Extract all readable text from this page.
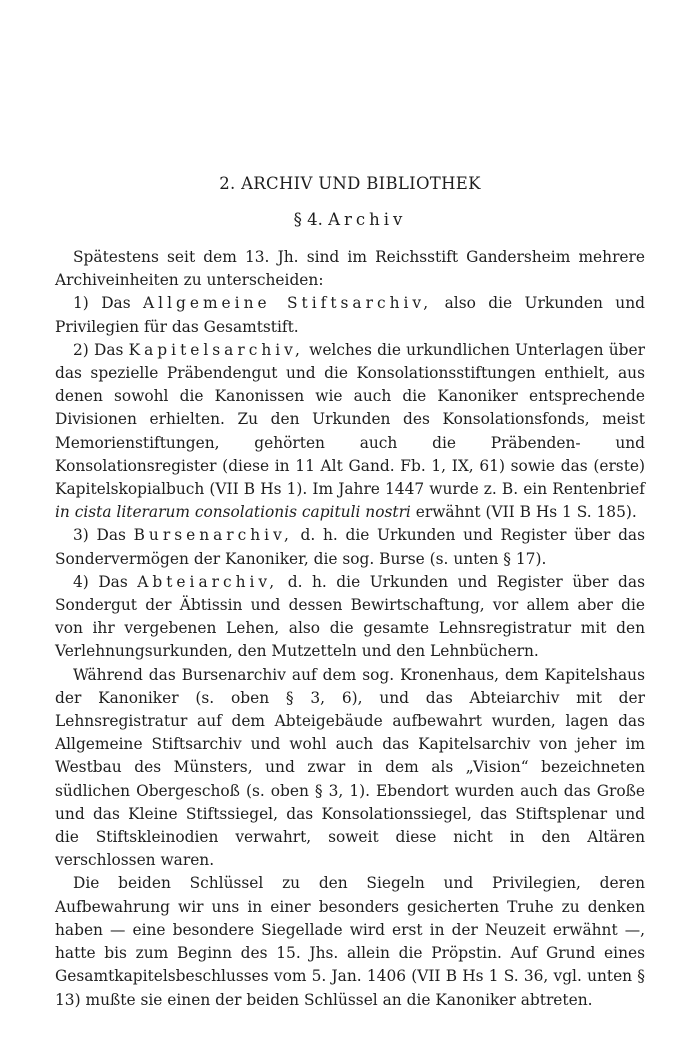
2. ARCHIV UND BIBLIOTHEK
§ 4. Archiv

Spätestens seit dem 13. Jh. sind im Reichsstift Gandersheim mehrere Archiveinheiten zu unterscheiden:

1) Das Allgemeine Stiftsarchiv, also die Urkunden und Privilegien für das Gesamtstift.

2) Das Kapitelsarchiv, welches die urkundlichen Unterlagen über das spezielle Präbendengut und die Konsolationsstiftungen enthielt, aus denen sowohl die Kanonissen wie auch die Kanoniker entsprechende Divisionen erhielten. Zu den Urkunden des Konsolationsfonds, meist Memorienstiftungen, gehörten auch die Präbenden- und Konsolationsregister (diese in 11 Alt Gand. Fb. 1, IX, 61) sowie das (erste) Kapitelskopialbuch (VII B Hs 1). Im Jahre 1447 wurde z. B. ein Rentenbrief in cista literarum consolationis capituli nostri erwähnt (VII B Hs 1 S. 185).

3) Das Bursenarchiv, d. h. die Urkunden und Register über das Sondervermögen der Kanoniker, die sog. Burse (s. unten § 17).

4) Das Abteiarchiv, d. h. die Urkunden und Register über das Sondergut der Äbtissin und dessen Bewirtschaftung, vor allem aber die von ihr vergebenen Lehen, also die gesamte Lehnsregistratur mit den Verlehnungsurkunden, den Mutzetteln und den Lehnbüchern.

Während das Bursenarchiv auf dem sog. Kronenhaus, dem Kapitelshaus der Kanoniker (s. oben § 3, 6), und das Abteiarchiv mit der Lehnsregistratur auf dem Abteigebäude aufbewahrt wurden, lagen das Allgemeine Stiftsarchiv und wohl auch das Kapitelsarchiv von jeher im Westbau des Münsters, und zwar in dem als „Vision“ bezeichneten südlichen Obergeschoß (s. oben § 3, 1). Ebendort wurden auch das Große und das Kleine Stiftssiegel, das Konsolationssiegel, das Stiftsplenar und die Stiftskleinodien verwahrt, soweit diese nicht in den Altären verschlossen waren.

Die beiden Schlüssel zu den Siegeln und Privilegien, deren Aufbewahrung wir uns in einer besonders gesicherten Truhe zu denken haben — eine besondere Siegellade wird erst in der Neuzeit erwähnt —, hatte bis zum Beginn des 15. Jhs. allein die Pröpstin. Auf Grund eines Gesamtkapitelsbeschlusses vom 5. Jan. 1406 (VII B Hs 1 S. 36, vgl. unten § 13) mußte sie einen der beiden Schlüssel an die Kanoniker abtreten.
